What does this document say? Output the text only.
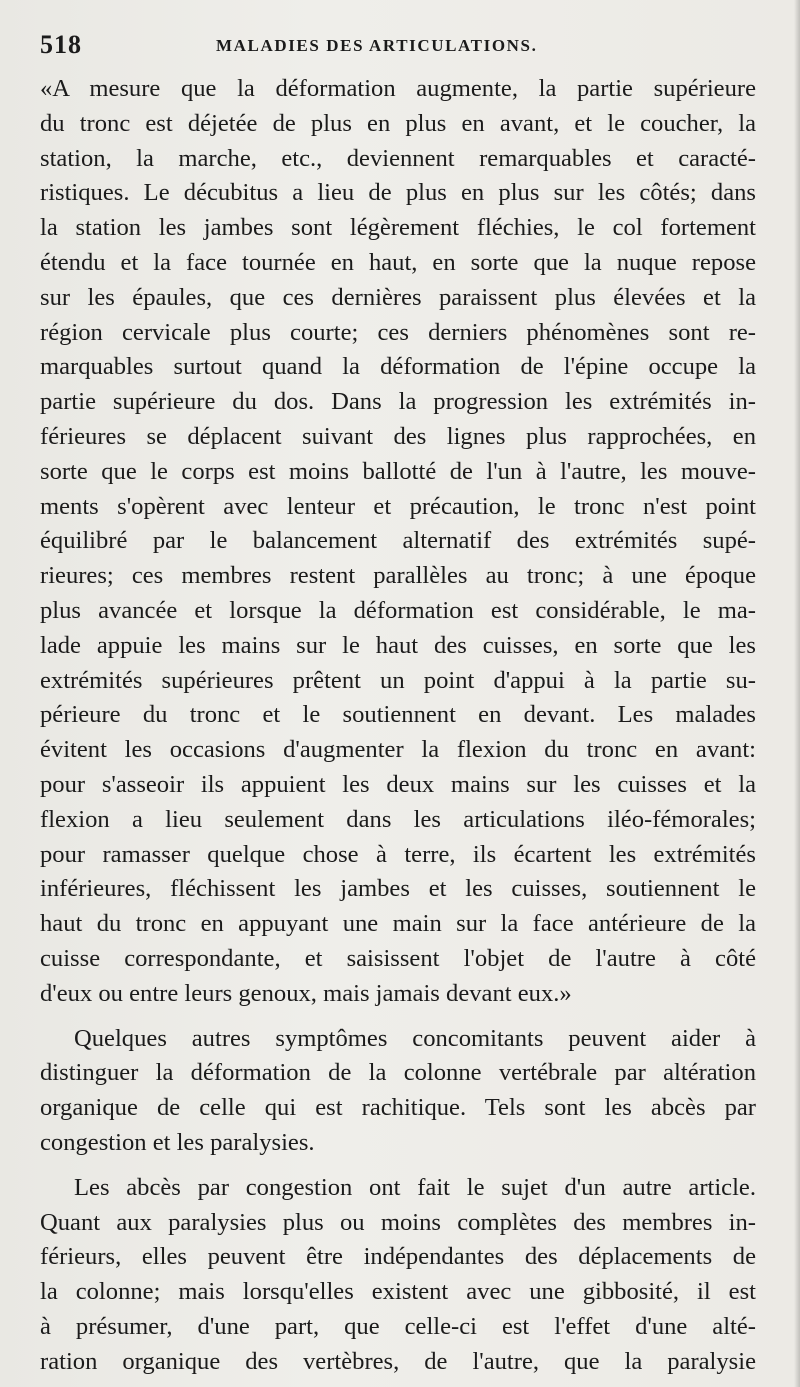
518	MALADIES DES ARTICULATIONS.
«A mesure que la déformation augmente, la partie supérieure
du tronc est déjetée de plus en plus en avant, et le coucher, la
station, la marche, etc., deviennent remarquables et caracté-
ristiques. Le décubitus a lieu de plus en plus sur les côtés; dans
la station les jambes sont légèrement fléchies, le col fortement
étendu et la face tournée en haut, en sorte que la nuque repose
sur les épaules, que ces dernières paraissent plus élevées et la
région cervicale plus courte; ces derniers phénomènes sont re-
marquables surtout quand la déformation de l'épine occupe la
partie supérieure du dos. Dans la progression les extrémités in-
férieures se déplacent suivant des lignes plus rapprochées, en
sorte que le corps est moins ballotté de l'un à l'autre, les mouve-
ments s'opèrent avec lenteur et précaution, le tronc n'est point
équilibré par le balancement alternatif des extrémités supé-
rieures; ces membres restent parallèles au tronc; à une époque
plus avancée et lorsque la déformation est considérable, le ma-
lade appuie les mains sur le haut des cuisses, en sorte que les
extrémités supérieures prêtent un point d'appui à la partie su-
périeure du tronc et le soutiennent en devant. Les malades
évitent les occasions d'augmenter la flexion du tronc en avant:
pour s'asseoir ils appuient les deux mains sur les cuisses et la
flexion a lieu seulement dans les articulations iléo-fémorales;
pour ramasser quelque chose à terre, ils écartent les extrémités
inférieures, fléchissent les jambes et les cuisses, soutiennent le
haut du tronc en appuyant une main sur la face antérieure de la
cuisse correspondante, et saisissent l'objet de l'autre à côté
d'eux ou entre leurs genoux, mais jamais devant eux.»
Quelques autres symptômes concomitants peuvent aider à
distinguer la déformation de la colonne vertébrale par altération
organique de celle qui est rachitique. Tels sont les abcès par
congestion et les paralysies.
Les abcès par congestion ont fait le sujet d'un autre article.
Quant aux paralysies plus ou moins complètes des membres in-
férieurs, elles peuvent être indépendantes des déplacements de
la colonne; mais lorsqu'elles existent avec une gibbosité, il est
à présumer, d'une part, que celle-ci est l'effet d'une alté-
ration organique des vertèbres, de l'autre, que la paralysie
